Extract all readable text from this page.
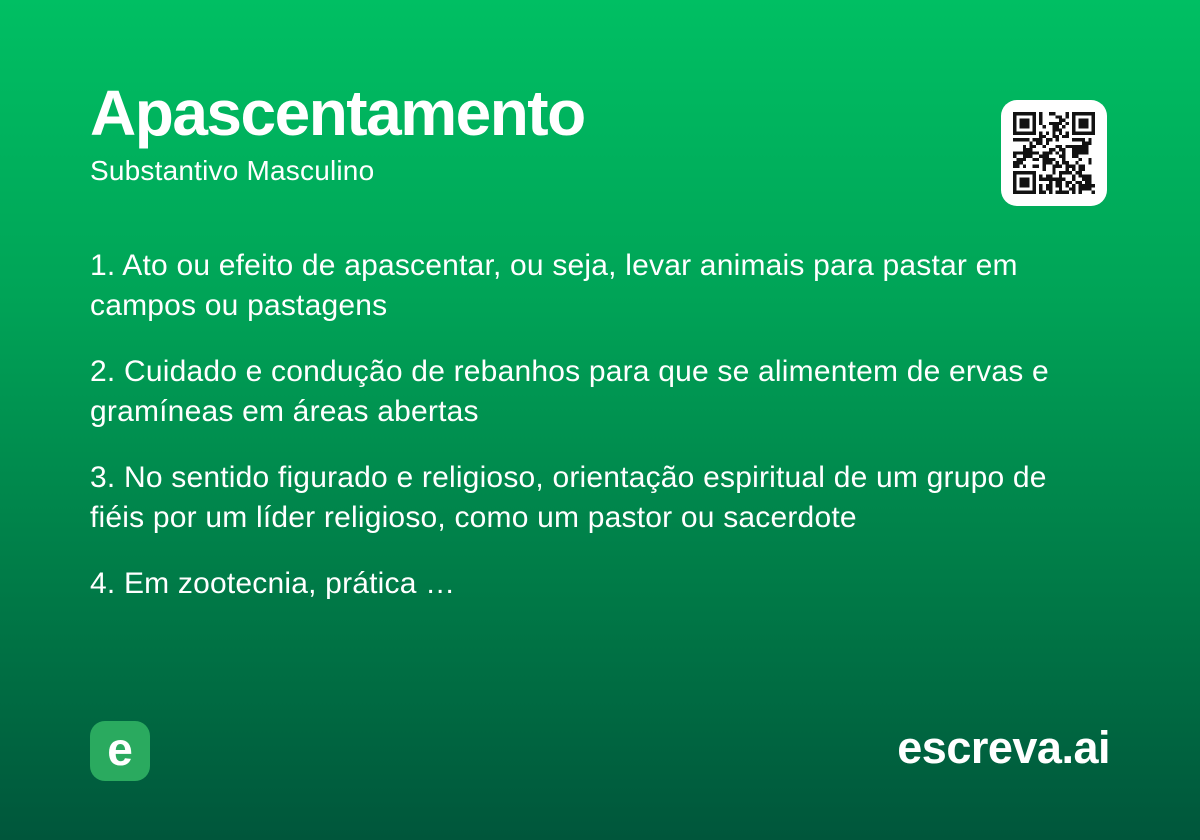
Apascentamento
Substantivo Masculino

1. Ato ou efeito de apascentar, ou seja, levar animais para pastar em campos ou pastagens

2. Cuidado e condução de rebanhos para que se alimentem de ervas e gramíneas em áreas abertas

3. No sentido figurado e religioso, orientação espiritual de um grupo de fiéis por um líder religioso, como um pastor ou sacerdote

4. Em zootecnia, prática …

e	escreva.ai
